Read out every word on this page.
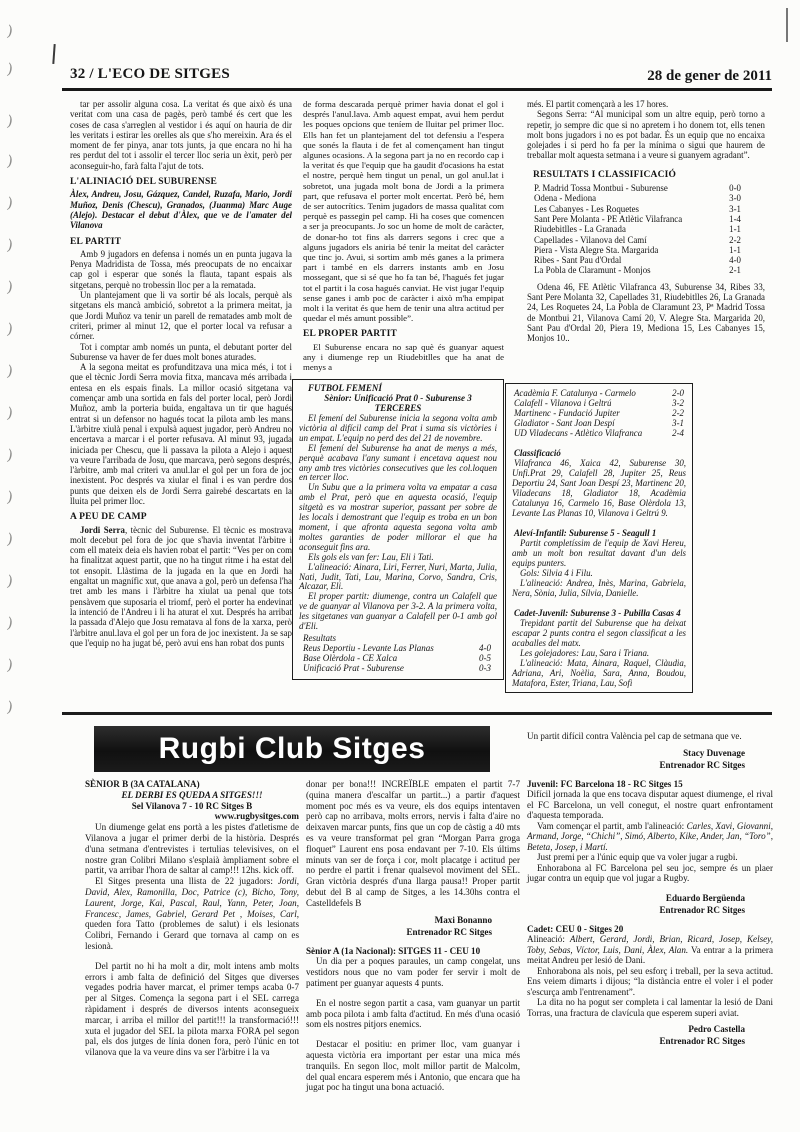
)
)
)
)
)
)
)
)
)
)
)
)
)
)
)
)
)
32 / L'ECO DE SITGES	28 de gener de 2011

tar per assolir alguna cosa. La veritat és que això és una veritat com una casa de pagès, però també és cert que les coses de casa s'arreglen al vestidor i és aquí on hauria de dir les veritats i estirar les orelles als que s'ho mereixin. Ara és el moment de fer pinya, anar tots junts, ja que encara no hi ha res perdut del tot i assolir el tercer lloc seria un èxit, però per aconseguir-ho, farà falta l'ajut de tots.

L'ALINIACIÓ DEL SUBURENSE

Àlex, Andreu, Josu, Gázquez, Candel, Ruzafa, Mario, Jordi Muñoz, Denis (Chescu), Granados, (Juanma) Marc Auge (Alejo). Destacar el debut d'Àlex, que ve de l'amater del Vilanova

EL PARTIT

Amb 9 jugadors en defensa i només un en punta jugava la Penya Madridista de Tossa, més preocupats de no encaixar cap gol i esperar que sonés la flauta, tapant espais als sitgetans, perquè no trobessin lloc per a la rematada.

Un plantejament que li va sortir bé als locals, perquè als sitgetans els mancà ambició, sobretot a la primera meitat, ja que Jordi Muñoz va tenir un parell de rematades amb molt de criteri, primer al minut 12, que el porter local va refusar a córner.

Tot i comptar amb només un punta, el debutant porter del Suburense va haver de fer dues molt bones aturades.

A la segona meitat es profunditzava una mica més, i tot i que el tècnic Jordi Serra movia fitxa, mancava més arribada i entesa en els espais finals. La millor ocasió sitgetana va començar amb una sortida en fals del porter local, però Jordi Muñoz, amb la porteria buida, engaltava un tir que hagués entrat si un defensor no hagués tocat la pilota amb les mans. L'àrbitre xiulà penal i expulsà aquest jugador, però Andreu no encertava a marcar i el porter refusava. Al minut 93, jugada iniciada per Chescu, que li passava la pilota a Alejo i aquest va veure l'arribada de Josu, que marcava, però segons després, l'àrbitre, amb mal criteri va anul.lar el gol per un fora de joc inexistent. Poc després va xiular el final i es van perdre dos punts que deixen els de Jordi Serra gairebé descartats en la lluita pel primer lloc.

A PEU DE CAMP

Jordi Serra, tècnic del Suburense. El tècnic es mostrava molt decebut pel fora de joc que s'havia inventat l'àrbitre i com ell mateix deia els havien robat el partit: “Ves per on com ha finalitzat aquest partit, que no ha tingut ritme i ha estat del tot ensopit. Llàstima de la jugada en la que en Jordi ha engaltat un magnífic xut, que anava a gol, però un defensa l'ha tret amb les mans i l'àrbitre ha xiulat ua penal que tots pensàvem que suposaria el triomf, però el porter ha endevinat la intenció de l'Andreu i li ha aturat el xut. Després ha arribat la passada d'Alejo que Josu rematava al fons de la xarxa, però l'àrbitre anul.lava el gol per un fora de joc inexistent. Ja se sap que l'equip no ha jugat bé, però avui ens han robat dos punts

de forma descarada perquè primer havia donat el gol i després l'anul.lava. Amb aquest empat, avui hem perdut les poques opcions que teníem de lluitar pel primer lloc. Ells han fet un plantejament del tot defensiu a l'espera que sonés la flauta i de fet al començament han tingut algunes ocasions. A la segona part ja no en recordo cap i la veritat és que l'equip que ha gaudit d'ocasions ha estat el nostre, perquè hem tingut un penal, un gol anul.lat i sobretot, una jugada molt bona de Jordi a la primera part, que refusava el porter molt encertat. Però bé, hem de ser autocrítics. Tenim jugadors de massa qualitat com perquè es passegin pel camp. Hi ha coses que comencen a ser ja preocupants. Jo soc un home de molt de caràcter, de donar-ho tot fins als darrers segons i crec que a alguns jugadors els aniria bé tenir la meitat del caràcter que tinc jo. Avui, si sortim amb més ganes a la primera part i també en els darrers instants amb en Josu mossegant, que si sé que ho fa tan bé, l'hagués fet jugar tot el partit i la cosa hagués canviat. He vist jugar l'equip sense ganes i amb poc de caràcter i això m'ha empipat molt i la veritat és que hem de tenir una altra actitud per quedar el més amunt possible”.

EL PROPER PARTIT

El Suburense encara no sap què és guanyar aquest any i diumenge rep un Riudebitlles que ha anat de menys a

FUTBOL FEMENÍ

Sènior: Unificació Prat 0 - Suburense 3

TERCERES

El femení del Suburense inicia la segona volta amb victòria al difícil camp del Prat i suma sis victòries i un empat. L'equip no perd des del 21 de novembre.

El femení del Suburense ha anat de menys a més, perquè acabava l'any sumant i encetava aquest nou any amb tres victòries consecutives que les col.loquen en tercer lloc.

Un Subu que a la primera volta va empatar a casa amb el Prat, però que en aquesta ocasió, l'equip sitgetà es va mostrar superior, passant per sobre de les locals i demostrant que l'equip es troba en un bon moment, i que afronta aquesta segona volta amb moltes garanties de poder millorar el que ha aconseguit fins ara.

Els gols els van fer: Lau, Eli i Tati.

L'alineació: Ainara, Liri, Ferrer, Nuri, Marta, Julia, Nati, Judit, Tati, Lau, Marina, Corvo, Sandra, Cris, Alcazar, Eli.

El proper partit: diumenge, contra un Calafell que ve de guanyar al Vilanova per 3-2. A la primera volta, les sitgetanes van guanyar a Calafell per 0-1 amb gol d'Eli.

Resultats

Reus Deportiu - Levante Las Planas	4-0
Base Olèrdola - CE Xalca	0-5
Unificació Prat - Suburense	0-3

més. El partit començarà a les 17 hores.

Segons Serra: “Al municipal som un altre equip, però torno a repetir, jo sempre dic que si no apretem i ho donem tot, ells tenen molt bons jugadors i no es pot badar. És un equip que no encaixa golejades i si perd ho fa per la mínima o sigui que haurem de treballar molt aquesta setmana i a veure si guanyem agradant”.

RESULTATS I CLASSIFICACIÓ
P. Madrid Tossa Montbui - Suburense	0-0
Odena - Mediona	3-0
Les Cabanyes - Les Roquetes	3-1
Sant Pere Molanta - PE Atlètic Vilafranca	1-4
Riudebitlles - La Granada	1-1
Capellades - Vilanova del Camí	2-2
Piera - Vista Alegre Sta. Margarida	1-1
Ribes - Sant Pau d'Ordal	4-0
La Pobla de Claramunt - Monjos	2-1

Odena 46, FE Atlètic Vilafranca 43, Suburense 34, Ribes 33, Sant Pere Molanta 32, Capellades 31, Riudebitlles 26, La Granada 24, Les Roquetes 24, La Pobla de Claramunt 23, Pª Madrid Tossa de Montbui 21, Vilanova Camí 20, V. Alegre Sta. Margarida 20, Sant Pau d'Ordal 20, Piera 19, Mediona 15, Les Cabanyes 15, Monjos 10..

Acadèmia F. Catalunya - Carmelo	2-0
Calafell - Vilanova i Geltrú	3-2
Martinenc - Fundació Jupiter	2-2
Gladiator - Sant Joan Despí	3-1
UD Viladecans - Atlètico Vilafranca	2-4

Classificació

Vilafranca 46, Xaica 42, Suburense 30, Unfi.Prat 29, Calafell 28, Jupiter 25, Reus Deportiu 24, Sant Joan Despí 23, Martinenc 20, Viladecans 18, Gladiator 18, Acadèmia Catalunya 16, Carmelo 16, Base Olèrdola 13, Levante Las Planas 10, Vilanova i Geltrú 9.

Aleví-Infantil: Suburense 5 - Seagull 1

Partit completíssim de l'equip de Xavi Hereu, amb un molt bon resultat davant d'un dels equips punters.

Gols: Silvia 4 i Filu.

L'alineació: Andrea, Inès, Marina, Gabriela, Nera, Sònia, Julia, Sílvia, Danielle.

Cadet-Juvenil: Suburense 3 - Pubilla Casas 4

Trepidant partit del Suburense que ha deixat escapar 2 punts contra el segon classificat a les acaballes del matx.

Les golejadores: Lau, Sara i Triana.

L'alineació: Mata, Ainara, Raquel, Clàudia, Adriana, Ari, Noèlia, Sara, Anna, Boudou, Matafora, Ester, Triana, Lau, Sofi

Rugbi Club Sitges

SÈNIOR B (3A CATALANA)

EL DERBI ES QUEDA A SITGES!!!

Sel Vilanova 7 - 10 RC Sitges B

www.rugbysitges.com

Un diumenge gelat ens portà a les pistes d'atletisme de Vilanova a jugar el primer derbi de la història. Després d'una setmana d'entrevistes i tertulias televisives, on el nostre gran Colibri Milano s'esplaià àmpliament sobre el partit, va arribar l'hora de saltar al camp!!! 12hs. kick off.

El Sitges presenta una llista de 22 jugadors: Jordi, David, Alex, Ramonilla, Doc, Patrice (c), Bicho, Tony, Laurent, Jorge, Kai, Pascal, Raul, Yann, Peter, Joan, Francesc, James, Gabriel, Gerard Pet , Moises, Carl, queden fora Tatto (problemes de salut) i els lesionats Colibri, Fernando i Gerard que tornava al camp on es lesionà.

Del partit no hi ha molt a dir, molt intens amb molts errors i amb falta de definició del Sitges que diverses vegades podria haver marcat, el primer temps acaba 0-7 per al Sitges. Comença la segona part i el SEL carrega ràpidament i després de diversos intents aconsegueix marcar, i arriba el millor del partit!!! la transformació!!! xuta el jugador del SEL la pilota marxa FORA pel segon pal, els dos jutges de línia donen fora, però l'únic en tot vilanova que la va veure dins va ser l'àrbitre i la va

donar per bona!!! INCREÏBLE empaten el partit 7-7 (quina manera d'escalfar un partit...) a partir d'aquest moment poc més es va veure, els dos equips intentaven però cap no arribava, molts errors, nervis i falta d'aire no deixaven marcar punts, fins que un cop de càstig a 40 mts es va veure transformat pel gran “Morgan Parra groga floquet” Laurent ens posa endavant per 7-10. Els últims minuts van ser de força i cor, molt placatge i actitud per no perdre el partit i frenar qualsevol moviment del SEL. Gran victòria després d'una llarga pausa!! Proper partit debut del B al camp de Sitges, a les 14.30hs contra el Castelldefels B

Maxi Bonanno
Entrenador RC Sitges

Sènior A (1a Nacional): SITGES 11 - CEU 10

Un dia per a poques paraules, un camp congelat, uns vestidors nous que no vam poder fer servir i molt de patiment per guanyar aquests 4 punts.

En el nostre segon partit a casa, vam guanyar un partit amb poca pilota i amb falta d'actitud. En més d'una ocasió som els nostres pitjors enemics.

Destacar el positiu: en primer lloc, vam guanyar i aquesta victòria era important per estar una mica més tranquils. En segon lloc, molt millor partit de Malcolm, del qual encara esperem més i Antonio, que encara que ha jugat poc ha tingut una bona actuació.

Un partit difícil contra València pel cap de setmana que ve.

Stacy Duvenage
Entrenador RC Sitges

Juvenil: FC Barcelona 18 - RC Sitges 15

Difícil jornada la que ens tocava disputar aquest diumenge, el rival el FC Barcelona, un vell conegut, el nostre quart enfrontament d'aquesta temporada.

Vam començar el partit, amb l'alineació: Carles, Xavi, Giovanni, Armand, Jorge, “Chichi”, Simó, Alberto, Kike, Ander, Jan, “Toro”, Beteta, Josep, i Martí.

Just premi per a l'únic equip que va voler jugar a rugbi.

Enhorabona al FC Barcelona pel seu joc, sempre és un plaer jugar contra un equip que vol jugar a Rugby.

Eduardo Bergüenda
Entrenador RC Sitges

Cadet: CEU 0 - Sitges 20

Alineació: Albert, Gerard, Jordi, Brian, Ricard, Josep, Kelsey, Toby, Sebas, Víctor, Luis, Dani, Àlex, Alan. Va entrar a la primera meitat Andreu per lesió de Dani.

Enhorabona als nois, pel seu esforç i treball, per la seva actitud. Ens veiem dimarts i dijous; “la distància entre el voler i el poder s'escurça amb l'entrenament”.

La dita no ha pogut ser completa i cal lamentar la lesió de Dani Torras, una fractura de clavícula que esperem superi aviat.

Pedro Castella
Entrenador RC Sitges
